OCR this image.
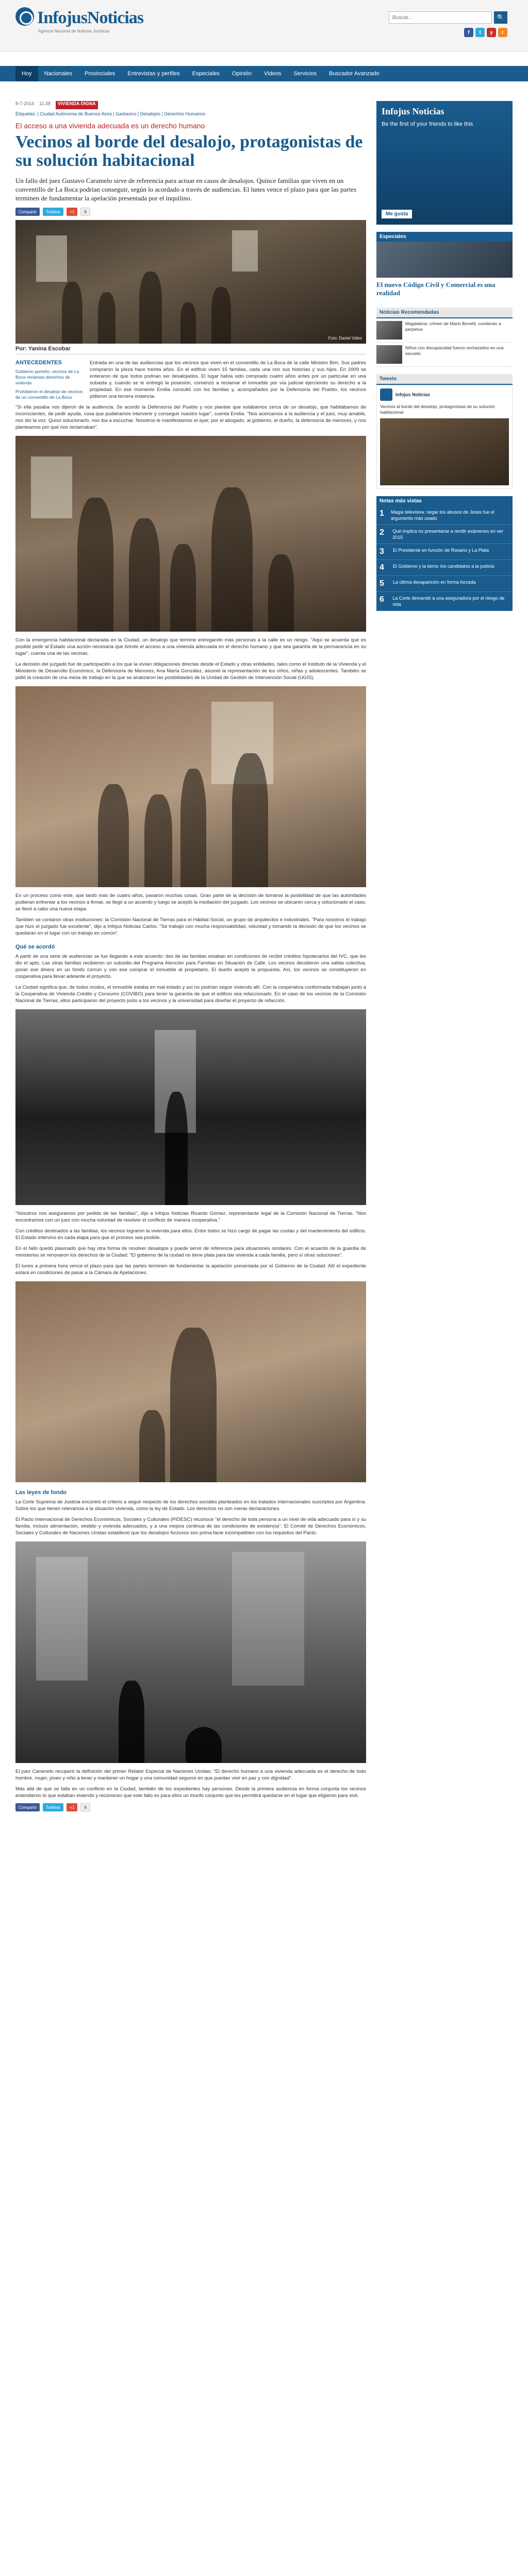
InfojusNoticias
Agencia Nacional de Noticias Jurídicas
Buscar...
🔍
f	t	y	r
Hoy	Nacionales	Provinciales	Entrevistas y perfiles	Especiales	Opinión	Videos	Servicios	Buscador Avanzado
8-7-2014 11:38	VIVIENDA DIGNA
Etiquetas: | Ciudad Autónoma de Buenos Aires | Garbarino | Desalojos | Derechos Humanos
El acceso a una vivienda adecuada es un derecho humano
Vecinos al borde del desalojo, protagonistas de su solución habitacional
Un fallo del juez Gustavo Caramelo sirve de referencia para actuar en casos de desalojos. Quince familias que viven en un conventillo de La Boca podrían conseguir, según lo acordado a través de audiencias. El lunes vence el plazo para que las partes terminen de fundamentar la apelación presentada por el inquilino.
Compartir	Twittear	+1	9
Foto: Daniel Vides
Por: Yanina Escobar
ANTECEDENTES
Gobierno porteño: vecinos de La Boca reclaman derechos de vivienda
Prohíbieron el desalojo de vecinos de un conventillo de La Boca

Entrada en una de las audiencias que los vecinos que viven en el conventillo de La Boca de la calle Ministro Brin. Sus padres compraron la pieza hace treinta años. En el edificio viven 15 familias, cada una con sus historias y sus hijos. En 2009 se enteraron de que todos podrían ser desalojados. El lugar había sido comprado cuatro años antes por un particular en una subasta y, cuando se le entregó la posesión, comenzó a reclamar el inmueble por vía judicial ejerciendo su derecho a la propiedad. En ese momento Emilia consultó con los familias y, acompañados por la Defensoría del Pueblo, los vecinos pidieron una tercera instancia.

"Si ella pasaba nos dijeron de la audiencia. Se acordó la Defensoría del Pueblo y nos plantee que estábamos cerca de un desalojo, que habitábamos de inconscientes, de pedir ayuda, cosa que pudiéramos intervenir y conseguir nuestro lugar", cuenta Emilia. "Nos acercamos a la audiencia y el juez, muy amable, nos dio la voz. Quiso solucionarlo, nos iba a escuchar. Nosotros le manifestamos el ayer, por el abogado, al gobierno, el dueño, la defensoría de menores, y nos planteamos por qué nos reclamaban".

Con la emergencia habitacional declarada en la Ciudad, un desalojo que termine entregando más personas a la calle es un riesgo. "Aquí se acuerda que es posible pedir al Estado una acción necesaria que brinde el acceso a una vivienda adecuada en el derecho humano y que sea garantía de la permanencia en su lugar", cuenta una de las vecinas.

La decisión del juzgado fue de participación a los que la vivían obligaciones directas desde el Estado y otras entidades, tales como el Instituto de la Vivienda y el Ministerio de Desarrollo Económico, la Defensoría de Menores, Ana María González, asumió la representación de los niños, niñas y adolescentes. También se pidió la creación de una mesa de trabajo en la que se analizaron las posibilidades de la Unidad de Gestión de Intervención Social (UGIS).

En un proceso como este, que tardó más de cuatro años, pasaron muchas cosas. Gran parte de la decisión de tomarse la posibilidad de que las autoridades pudieran enfrentar a los vecinos a firmar, se llegó a un acuerdo y luego se aceptó la mediación del juzgado. Los vecinos se ubicaron cerca y solucionado el caso, se llevó a cabo una nueva etapa.

También se contaron otras instituciones: la Comisión Nacional de Tierras para el Hábitat Social, un grupo de arquitectos e industriales. "Para nosotros el trabajo que hizo el juzgado fue excelente", dijo a Infojus Noticias Carlos. "Se trabajó con mucha responsabilidad, voluntad y tomando la decisión de que los vecinos se quedarán en el lugar con un trabajo en común".

Qué se acordó

A partir de una serie de audiencias se fue llegando a este acuerdo: dos de las familias estaban en condiciones de recibir créditos hipotecarios del IVC, que les dio el apto. Las otras familias recibieron un subsidio del Programa Atención para Familias en Situación de Calle. Los vecinos decidieron una salida colectiva, poner ese dinero en un fondo común y con ese comprar el inmueble al propietario. El dueño aceptó la propuesta. Así, los vecinos se constituyeron en cooperativa para llevar adelante el proyecto.

La Ciudad significa que, de todos modos, el inmueble estaba en mal estado y así no podrían seguir viviendo allí. Con la cooperativa conformada trabajan junto a la Cooperativa de Vivienda Crédito y Consumo (COVIBO) para tener la garantía de que el edificio sea refaccionado. En el caso de los vecinos de la Comisión Nacional de Tierras, ellos participaron del proyecto junto a los vecinos y la universidad para diseñar el proyecto de refacción.

"Nosotros nos aseguramos por pedido de las familias", dijo a Infojus Noticias Ricardo Gómez, representante legal de la Comisión Nacional de Tierras. "Nos encontramos con un juez con mucha voluntad de resolver el conflicto de manera cooperativa."

Con créditos destinados a las familias, los vecinos lograron la vivienda para ellos. Entre todos se hizo cargo de pagar las cuotas y del mantenimiento del edificio. El Estado intervino en cada etapa para que el proceso sea posible.

En el fallo quedó plasmado que hay otra forma de resolver desalojos y puede servir de referencia para situaciones similares. Con el acuerdo de la guardia de ministerios se renovaron los derechos de la Ciudad: "El gobierno de la ciudad no tiene plata para dar vivienda a cada familia, pero sí otras soluciones".

El lunes a primera hora vence el plazo para que las partes terminen de fundamentar la apelación presentada por el Gobierno de la Ciudad. Allí el expediente estará en condiciones de pasar a la Cámara de Apelaciones.

Las leyes de fondo

La Corte Suprema de Justicia encontró el criterio a seguir respecto de los derechos sociales planteados en los tratados internacionales suscriptos por Argentina. Sobre los que tienen relevancia a la situación vivienda, como la ley de Estado. Los derechos no son meras declaraciones.

El Pacto Internacional de Derechos Económicos, Sociales y Culturales (PIDESC) reconoce "el derecho de toda persona a un nivel de vida adecuado para sí y su familia, incluso alimentación, vestido y vivienda adecuados, y a una mejora continua de las condiciones de existencia". El Comité de Derechos Económicos, Sociales y Culturales de Naciones Unidas estableció que los desalojos forzosos son prima facie incompatibles con los requisitos del Pacto.

El juez Caramelo recuperó la definición del primer Relator Especial de Naciones Unidas: "El derecho humano a una vivienda adecuada es el derecho de todo hombre, mujer, joven y niño a tener y mantener un hogar y una comunidad seguros en que puedan vivir en paz y con dignidad".

Más allá de que se falla en un conflicto en la Ciudad, también de los expedientes hay personas. Desde la primera audiencia en forma conjunta los vecinos entendieron lo que estaban viviendo y reconocen que este fallo es para ellos un triunfo conjunto que les permitirá quedarse en el lugar que eligieron para vivir.

Compartir	Twittear	+1	9
Infojus Noticias
Be the first of your friends to like this
Me gusta
Especiales
El nuevo Código Civil y Comercial es una realidad
Noticias Recomendadas
Magdalena: crimen de Mario Bonetti, condenan a perpetua
Niños con discapacidad fueron rechazados en una escuela
Tweets
Infojus Noticias
Vecinos al borde del desalojo, protagonistas de su solución habitacional
Notas más vistas
1	Magia televisiva: negar los abusos de Jesús fue el argumento más usado
2	Qué implica no presentarse a rendir exámenes en ver 2015
3	El Presidente en función de Rosario y La Plata
4	El Gobierno y la tierra: los candidatos a la justicia
5	La última desaparición en forma forzada
6	La Corte demandó a una aseguradora por el riesgo de vida
